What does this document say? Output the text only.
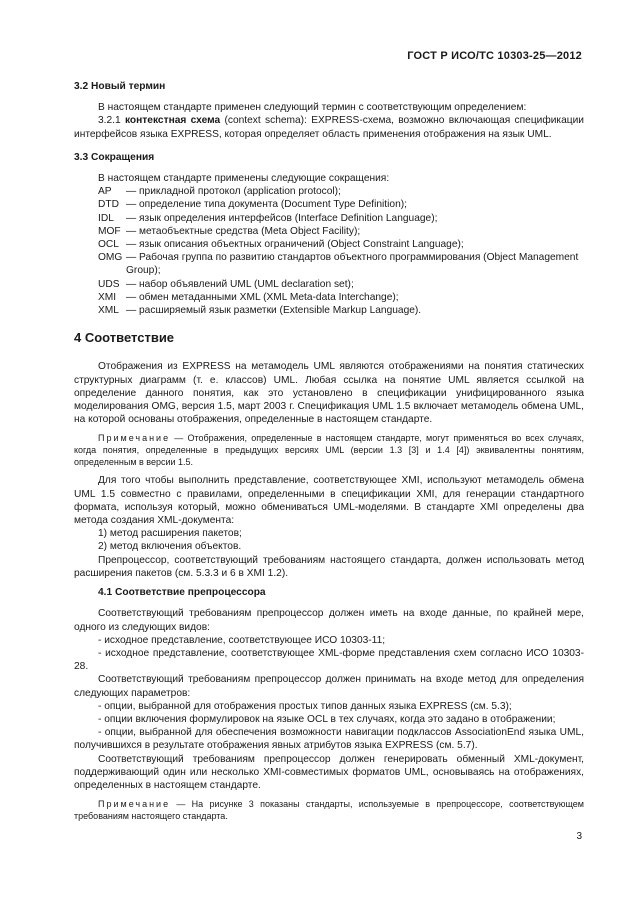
ГОСТ Р ИСО/ТС 10303-25—2012

3.2 Новый термин

В настоящем стандарте применен следующий термин с соответствующим определением:

3.2.1 контекстная схема (context schema): EXPRESS-схема, возможно включающая спецификации интерфейсов языка EXPRESS, которая определяет область применения отображения на язык UML.

3.3 Сокращения

В настоящем стандарте применены следующие сокращения:

АР	— прикладной протокол (application protocol);
DTD — определение типа документа (Document Type Definition);
IDL	— язык определения интерфейсов (Interface Definition Language);
MOF — метаобъектные средства (Meta Object Facility);
OCL — язык описания объектных ограничений (Object Constraint Language);
OMG — Рабочая группа по развитию стандартов объектного программирования (Object Management Group);
UDS — набор объявлений UML (UML declaration set);
XMI — обмен метаданными XML (XML Meta-data Interchange);
XML — расширяемый язык разметки (Extensible Markup Language).

4 Соответствие

Отображения из EXPRESS на метамодель UML являются отображениями на понятия статических структурных диаграмм (т. е. классов) UML. Любая ссылка на понятие UML является ссылкой на определение данного понятия, как это установлено в спецификации унифицированного языка моделирования OMG, версия 1.5, март 2003 г. Спецификация UML 1.5 включает метамодель обмена UML, на которой основаны отображения, определенные в настоящем стандарте.

Примечание — Отображения, определенные в настоящем стандарте, могут применяться во всех случаях, когда понятия, определенные в предыдущих версиях UML (версии 1.3 [3] и 1.4 [4]) эквивалентны понятиям, определенным в версии 1.5.

Для того чтобы выполнить представление, соответствующее XMI, используют метамодель обмена UML 1.5 совместно с правилами, определенными в спецификации XMI, для генерации стандартного формата, используя который, можно обмениваться UML-моделями. В стандарте XMI определены два метода создания XML-документа:

1) метод расширения пакетов;

2) метод включения объектов.

Препроцессор, соответствующий требованиям настоящего стандарта, должен использовать метод расширения пакетов (см. 5.3.3 и 6 в XMI 1.2).

4.1 Соответствие препроцессора

Соответствующий требованиям препроцессор должен иметь на входе данные, по крайней мере, одного из следующих видов:

- исходное представление, соответствующее ИСО 10303-11;

- исходное представление, соответствующее XML-форме представления схем согласно ИСО 10303-28.

Соответствующий требованиям препроцессор должен принимать на входе метод для определения следующих параметров:

- опции, выбранной для отображения простых типов данных языка EXPRESS (см. 5.3);

- опции включения формулировок на языке OCL в тех случаях, когда это задано в отображении;

- опции, выбранной для обеспечения возможности навигации подклассов AssociationEnd языка UML, получившихся в результате отображения явных атрибутов языка EXPRESS (см. 5.7).

Соответствующий требованиям препроцессор должен генерировать обменный XML-документ, поддерживающий один или несколько XMI-совместимых форматов UML, основываясь на отображениях, определенных в настоящем стандарте.

Примечание — На рисунке 3 показаны стандарты, используемые в препроцессоре, соответствующем требованиям настоящего стандарта.

3
